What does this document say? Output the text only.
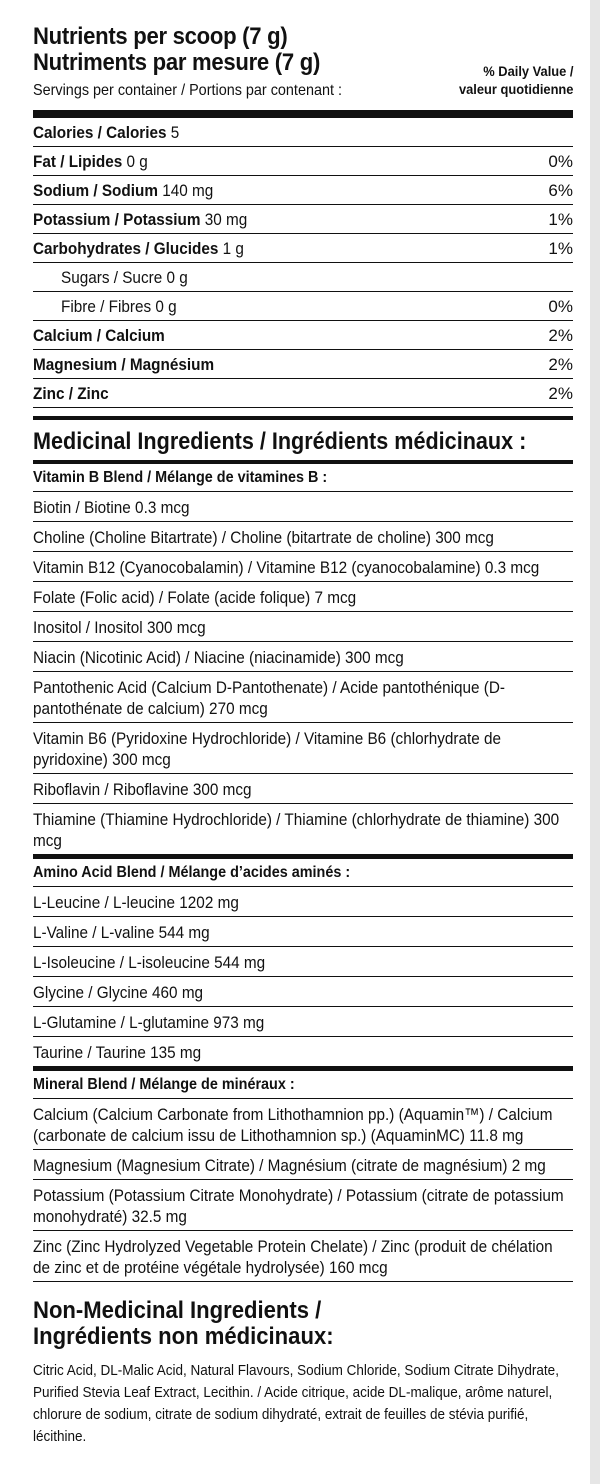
Nutrients per scoop (7 g)
Nutriments par mesure (7 g)
Servings per container / Portions par contenant :
% Daily Value /
valeur quotidienne
Calories / Calories 5
Fat / Lipides 0 g	0%
Sodium / Sodium 140 mg	6%
Potassium / Potassium 30 mg	1%
Carbohydrates / Glucides 1 g	1%
Sugars / Sucre 0 g
Fibre / Fibres 0 g	0%
Calcium / Calcium	2%
Magnesium / Magnésium	2%
Zinc / Zinc	2%
Medicinal Ingredients / Ingrédients médicinaux :
Vitamin B Blend / Mélange de vitamines B :
Biotin / Biotine 0.3 mcg
Choline (Choline Bitartrate) / Choline (bitartrate de choline) 300 mcg
Vitamin B12 (Cyanocobalamin) / Vitamine B12 (cyanocobalamine) 0.3 mcg
Folate (Folic acid) / Folate (acide folique) 7 mcg
Inositol / Inositol 300 mcg
Niacin (Nicotinic Acid) / Niacine (niacinamide) 300 mcg
Pantothenic Acid (Calcium D-Pantothenate) / Acide pantothénique (D-pantothénate de calcium) 270 mcg
Vitamin B6 (Pyridoxine Hydrochloride) / Vitamine B6 (chlorhydrate de pyridoxine) 300 mcg
Riboflavin / Riboflavine 300 mcg
Thiamine (Thiamine Hydrochloride) / Thiamine (chlorhydrate de thiamine) 300 mcg
Amino Acid Blend / Mélange d’acides aminés :
L-Leucine / L-leucine 1202 mg
L-Valine / L-valine 544 mg
L-Isoleucine / L-isoleucine 544 mg
Glycine / Glycine 460 mg
L-Glutamine / L-glutamine 973 mg
Taurine / Taurine 135 mg
Mineral Blend / Mélange de minéraux :
Calcium (Calcium Carbonate from Lithothamnion pp.) (Aquamin™) / Calcium (carbonate de calcium issu de Lithothamnion sp.) (AquaminMC) 11.8 mg
Magnesium (Magnesium Citrate) / Magnésium (citrate de magnésium) 2 mg
Potassium (Potassium Citrate Monohydrate) / Potassium (citrate de potassium monohydraté) 32.5 mg
Zinc (Zinc Hydrolyzed Vegetable Protein Chelate) / Zinc (produit de chélation de zinc et de protéine végétale hydrolysée) 160 mcg
Non-Medicinal Ingredients /
Ingrédients non médicinaux:
Citric Acid, DL-Malic Acid, Natural Flavours, Sodium Chloride, Sodium Citrate Dihydrate, Purified Stevia Leaf Extract, Lecithin. / Acide citrique, acide DL-malique, arôme naturel, chlorure de sodium, citrate de sodium dihydraté, extrait de feuilles de stévia purifié, lécithine.
